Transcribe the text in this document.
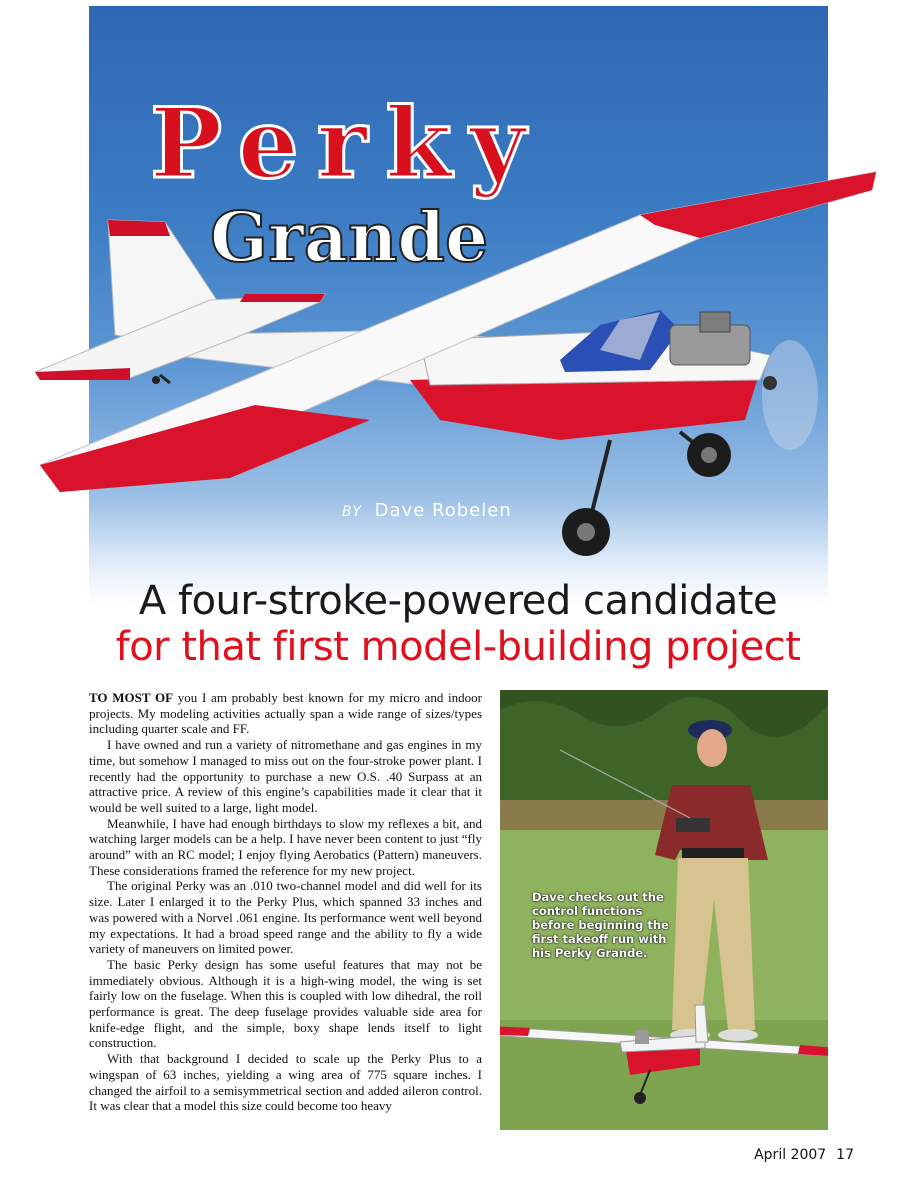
Perky
Grande
BY Dave Robelen
A four-stroke-powered candidate
for that first model-building project

TO MOST OF you I am probably best known for my micro and indoor projects. My modeling activities actually span a wide range of sizes/types including quarter scale and FF.

I have owned and run a variety of nitromethane and gas engines in my time, but somehow I managed to miss out on the four-stroke power plant. I recently had the opportunity to purchase a new O.S. .40 Surpass at an attractive price. A review of this engine’s capabilities made it clear that it would be well suited to a large, light model.

Meanwhile, I have had enough birthdays to slow my reflexes a bit, and watching larger models can be a help. I have never been content to just “fly around” with an RC model; I enjoy flying Aerobatics (Pattern) maneuvers. These considerations framed the reference for my new project.

The original Perky was an .010 two-channel model and did well for its size. Later I enlarged it to the Perky Plus, which spanned 33 inches and was powered with a Norvel .061 engine. Its performance went well beyond my expectations. It had a broad speed range and the ability to fly a wide variety of maneuvers on limited power.

The basic Perky design has some useful features that may not be immediately obvious. Although it is a high-wing model, the wing is set fairly low on the fuselage. When this is coupled with low dihedral, the roll performance is great. The deep fuselage provides valuable side area for knife-edge flight, and the simple, boxy shape lends itself to light construction.

With that background I decided to scale up the Perky Plus to a wingspan of 63 inches, yielding a wing area of 775 square inches. I changed the airfoil to a semisymmetrical section and added aileron control. It was clear that a model this size could become too heavy

Dave checks out the control functions before beginning the first takeoff run with his Perky Grande.
April 2007 17
